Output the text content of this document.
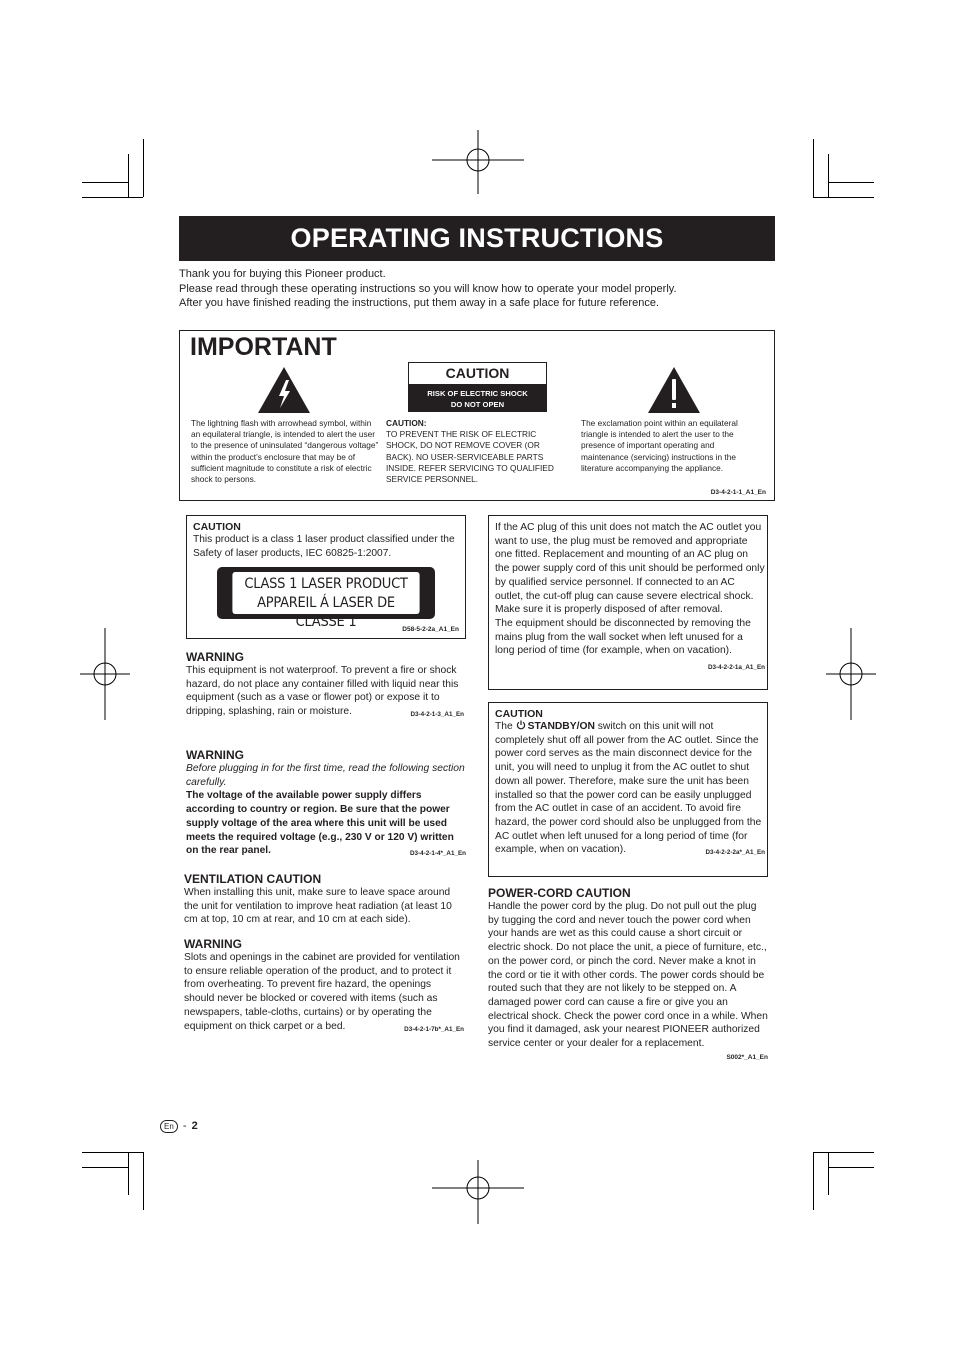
OPERATING INSTRUCTIONS

Thank you for buying this Pioneer product.

Please read through these operating instructions so you will know how to operate your model properly.

After you have finished reading the instructions, put them away in a safe place for future reference.

IMPORTANT
The lightning flash with arrowhead symbol, within an equilateral triangle, is intended to alert the user to the presence of uninsulated “dangerous voltage” within the product’s enclosure that may be of sufficient magnitude to constitute a risk of electric shock to persons.
CAUTION
RISK OF ELECTRIC SHOCK
DO NOT OPEN
CAUTION:
TO PREVENT THE RISK OF ELECTRIC SHOCK, DO NOT REMOVE COVER (OR BACK). NO USER-SERVICEABLE PARTS INSIDE. REFER SERVICING TO QUALIFIED SERVICE PERSONNEL.
The exclamation point within an equilateral triangle is intended to alert the user to the presence of important operating and maintenance (servicing) instructions in the literature accompanying the appliance.
D3-4-2-1-1_A1_En

CAUTION

This product is a class 1 laser product classified under the Safety of laser products, IEC 60825-1:2007.

CLASS 1 LASER PRODUCT
APPAREIL Á LASER DE CLASSE 1	D58-5-2-2a_A1_En

WARNING

This equipment is not waterproof. To prevent a fire or shock hazard, do not place any container filled with liquid near this equipment (such as a vase or flower pot) or expose it to dripping, splashing, rain or moisture.	D3-4-2-1-3_A1_En

WARNING

Before plugging in for the first time, read the following section carefully.

The voltage of the available power supply differs according to country or region. Be sure that the power supply voltage of the area where this unit will be used meets the required voltage (e.g., 230 V or 120 V) written on the rear panel.	D3-4-2-1-4*_A1_En

VENTILATION CAUTION

When installing this unit, make sure to leave space around the unit for ventilation to improve heat radiation (at least 10 cm at top, 10 cm at rear, and 10 cm at each side).

WARNING

Slots and openings in the cabinet are provided for ventilation to ensure reliable operation of the product, and to protect it from overheating. To prevent fire hazard, the openings should never be blocked or covered with items (such as newspapers, table-cloths, curtains) or by operating the equipment on thick carpet or a bed.	D3-4-2-1-7b*_A1_En

If the AC plug of this unit does not match the AC outlet you want to use, the plug must be removed and appropriate one fitted. Replacement and mounting of an AC plug on the power supply cord of this unit should be performed only by qualified service personnel. If connected to an AC outlet, the cut-off plug can cause severe electrical shock. Make sure it is properly disposed of after removal.

The equipment should be disconnected by removing the mains plug from the wall socket when left unused for a long period of time (for example, when on vacation).
D3-4-2-2-1a_A1_En

CAUTION

The STANDBY/ON switch on this unit will not completely shut off all power from the AC outlet. Since the power cord serves as the main disconnect device for the unit, you will need to unplug it from the AC outlet to shut down all power. Therefore, make sure the unit has been installed so that the power cord can be easily unplugged from the AC outlet in case of an accident. To avoid fire hazard, the power cord should also be unplugged from the AC outlet when left unused for a long period of time (for example, when on vacation).	D3-4-2-2-2a*_A1_En

POWER-CORD CAUTION

Handle the power cord by the plug. Do not pull out the plug by tugging the cord and never touch the power cord when your hands are wet as this could cause a short circuit or electric shock. Do not place the unit, a piece of furniture, etc., on the power cord, or pinch the cord. Never make a knot in the cord or tie it with other cords. The power cords should be routed such that they are not likely to be stepped on. A damaged power cord can cause a fire or give you an electrical shock. Check the power cord once in a while. When you find it damaged, ask your nearest PIONEER authorized service center or your dealer for a replacement.

S002*_A1_En
En - 2
